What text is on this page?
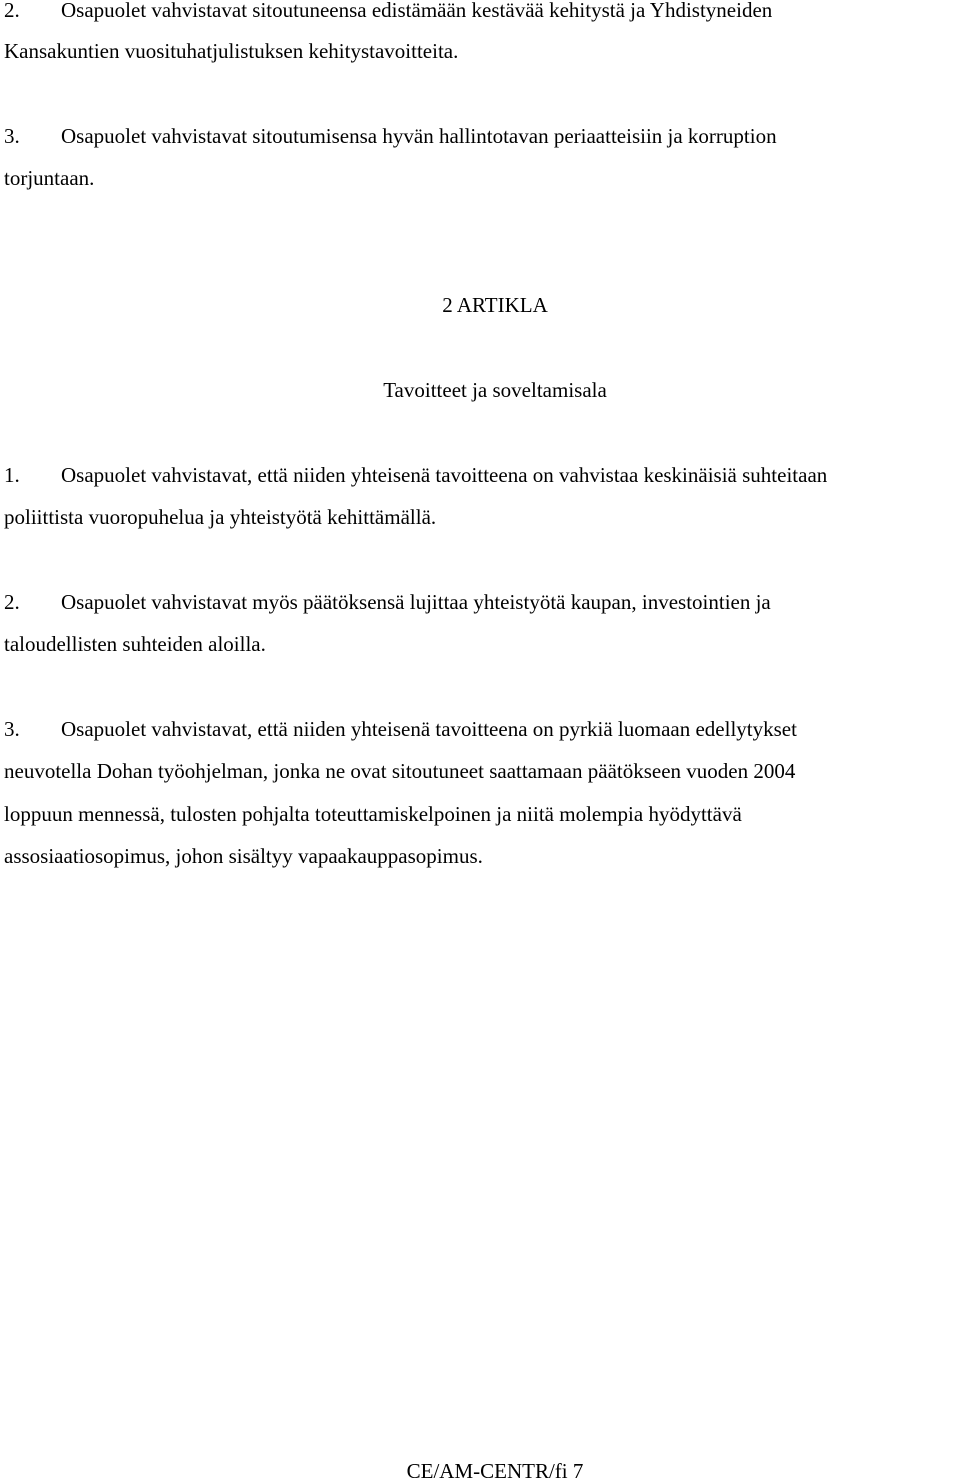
2. Osapuolet vahvistavat sitoutuneensa edistämään kestävää kehitystä ja Yhdistyneiden
Kansakuntien vuosituhatjulistuksen kehitystavoitteita.
3. Osapuolet vahvistavat sitoutumisensa hyvän hallintotavan periaatteisiin ja korruption
torjuntaan.
2 ARTIKLA
Tavoitteet ja soveltamisala
1. Osapuolet vahvistavat, että niiden yhteisenä tavoitteena on vahvistaa keskinäisiä suhteitaan
poliittista vuoropuhelua ja yhteistyötä kehittämällä.
2. Osapuolet vahvistavat myös päätöksensä lujittaa yhteistyötä kaupan, investointien ja
taloudellisten suhteiden aloilla.
3. Osapuolet vahvistavat, että niiden yhteisenä tavoitteena on pyrkiä luomaan edellytykset
neuvotella Dohan työohjelman, jonka ne ovat sitoutuneet saattamaan päätökseen vuoden 2004
loppuun mennessä, tulosten pohjalta toteuttamiskelpoinen ja niitä molempia hyödyttävä
assosiaatiosopimus, johon sisältyy vapaakauppasopimus.
CE/AM-CENTR/fi 7
